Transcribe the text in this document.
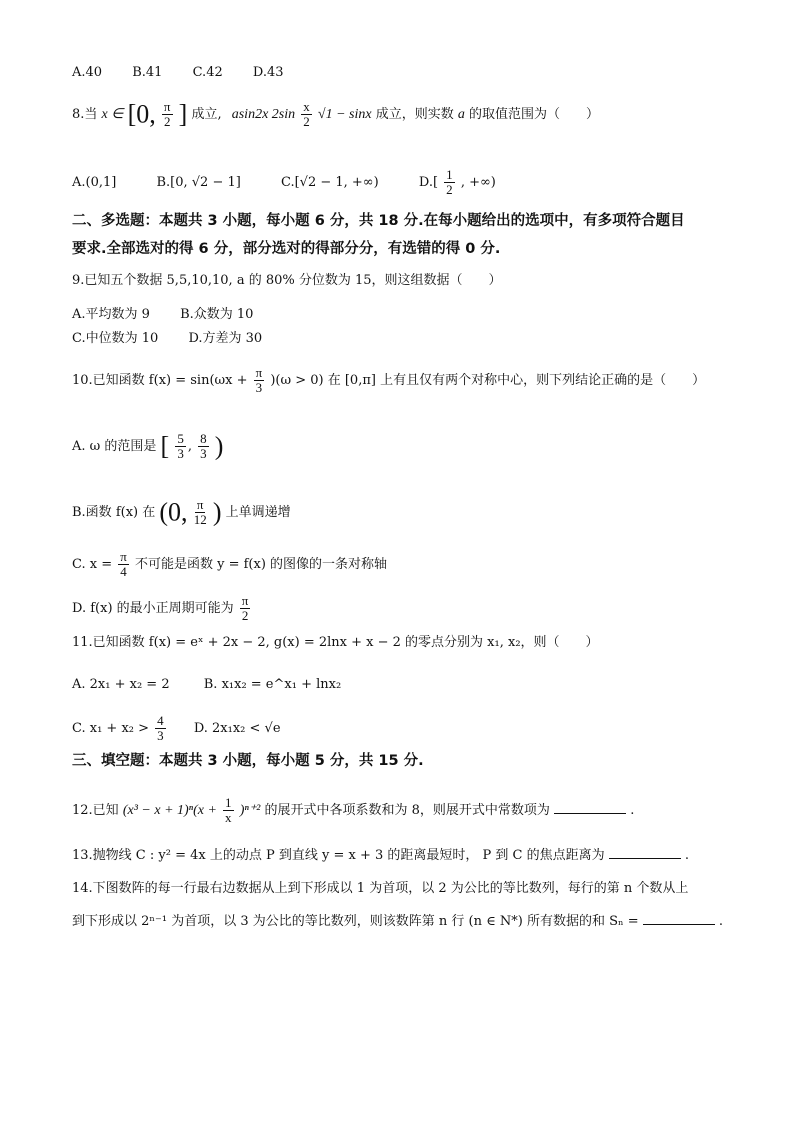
A.40 B.41 C.42 D.43
8.当 x ∈ [0, $\frac{\pi}{2}$ ] 成立, asin2x $2\sin \frac{x}{2} √1 - \sin x$ 成立，则实数 a 的取值范围为（　　）
A.(0,1]	B.[0, √2 − 1]	C.[√2 − 1, +∞)	$D.[ \frac{1}{2}$ , +∞)
二、多选题：本题共 3 小题，每小题 6 分，共 18 分.在每小题给出的选项中，有多项符合题目
要求.全部选对的得 6 分，部分选对的得部分分，有选错的得 0 分.
9.已知五个数据 5,5,10,10, a 的 80% 分位数为 15，则这组数据（　　）
A.平均数为 9 B.众数为 10
C.中位数为 10 D.方差为 30
10.已知函数 $f(x) = \sin(\omega x + \frac{\pi}{3} )(\omega > 0)$ 在 [0,π] 上有且仅有两个对称中心，则下列结论正确的是（　　）
A. ω 的范围是 [ $\frac{5}{3}$ , $\frac{8}{3}$ )
B.函数 f(x) 在 (0, $\frac{\pi}{12}$ ) 上单调递增
C. $x = \frac{\pi}{4}$ 不可能是函数 y = f(x) 的图像的一条对称轴
D. f(x) 的最小正周期可能为 $\frac{\pi}{2}$
11.已知函数 f(x) = eˣ + 2x − 2, g(x) = 2lnx + x − 2 的零点分别为 x₁, x₂，则（　　）
A. 2x₁ + x₂ = 2	B. x₁x₂ = e^x₁ + lnx₂
C. $x_1 + x_2 > \frac{4}{3} D$. 2x₁x₂ < √e
三、填空题：本题共 3 小题，每小题 5 分，共 15 分.
12.已知 $(x^3 - x + 1)^n(x + \frac{1}{x} )^{n+2}$ 的展开式中各项系数和为 8，则展开式中常数项为	.
13.抛物线 C : y² = 4x 上的动点 P 到直线 y = x + 3 的距离最短时， P 到 C 的焦点距离为	.
14.下图数阵的每一行最右边数据从上到下形成以 1 为首项，以 2 为公比的等比数列，每行的第 n 个数从上
到下形成以 2ⁿ⁻¹ 为首项，以 3 为公比的等比数列，则该数阵第 n 行 (n ∈ N*) 所有数据的和 Sₙ =	.
